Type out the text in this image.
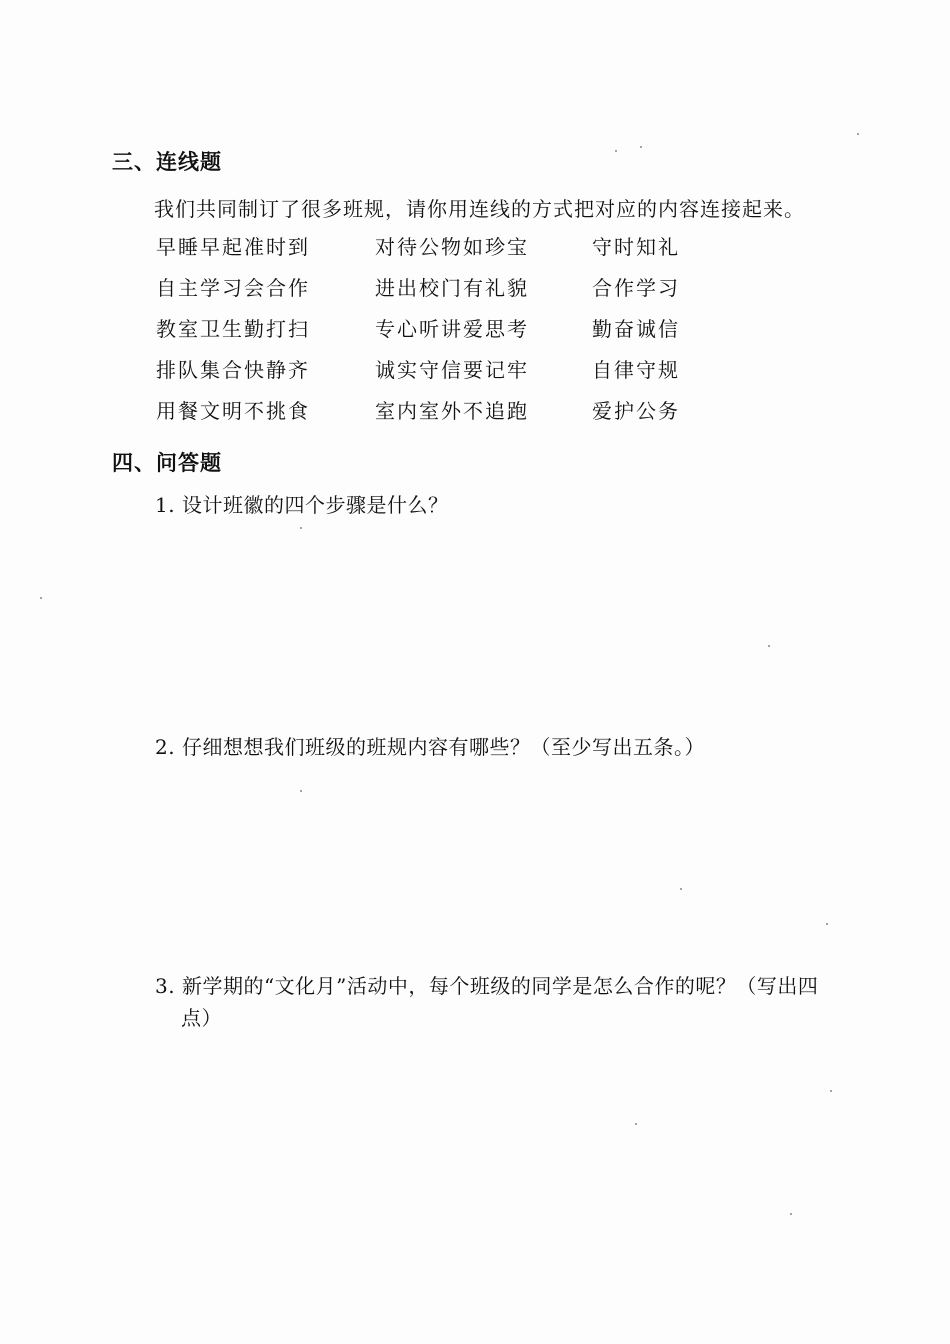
三、连线题
我们共同制订了很多班规，请你用连线的方式把对应的内容连接起来。
早睡早起准时到
自主学习会合作
教室卫生勤打扫
排队集合快静齐
用餐文明不挑食
对待公物如珍宝
进出校门有礼貌
专心听讲爱思考
诚实守信要记牢
室内室外不追跑
守时知礼
合作学习
勤奋诚信
自律守规
爱护公务
四、问答题
1. 设计班徽的四个步骤是什么？
2. 仔细想想我们班级的班规内容有哪些？（至少写出五条。）
3. 新学期的“文化月”活动中，每个班级的同学是怎么合作的呢？（写出四
点）
